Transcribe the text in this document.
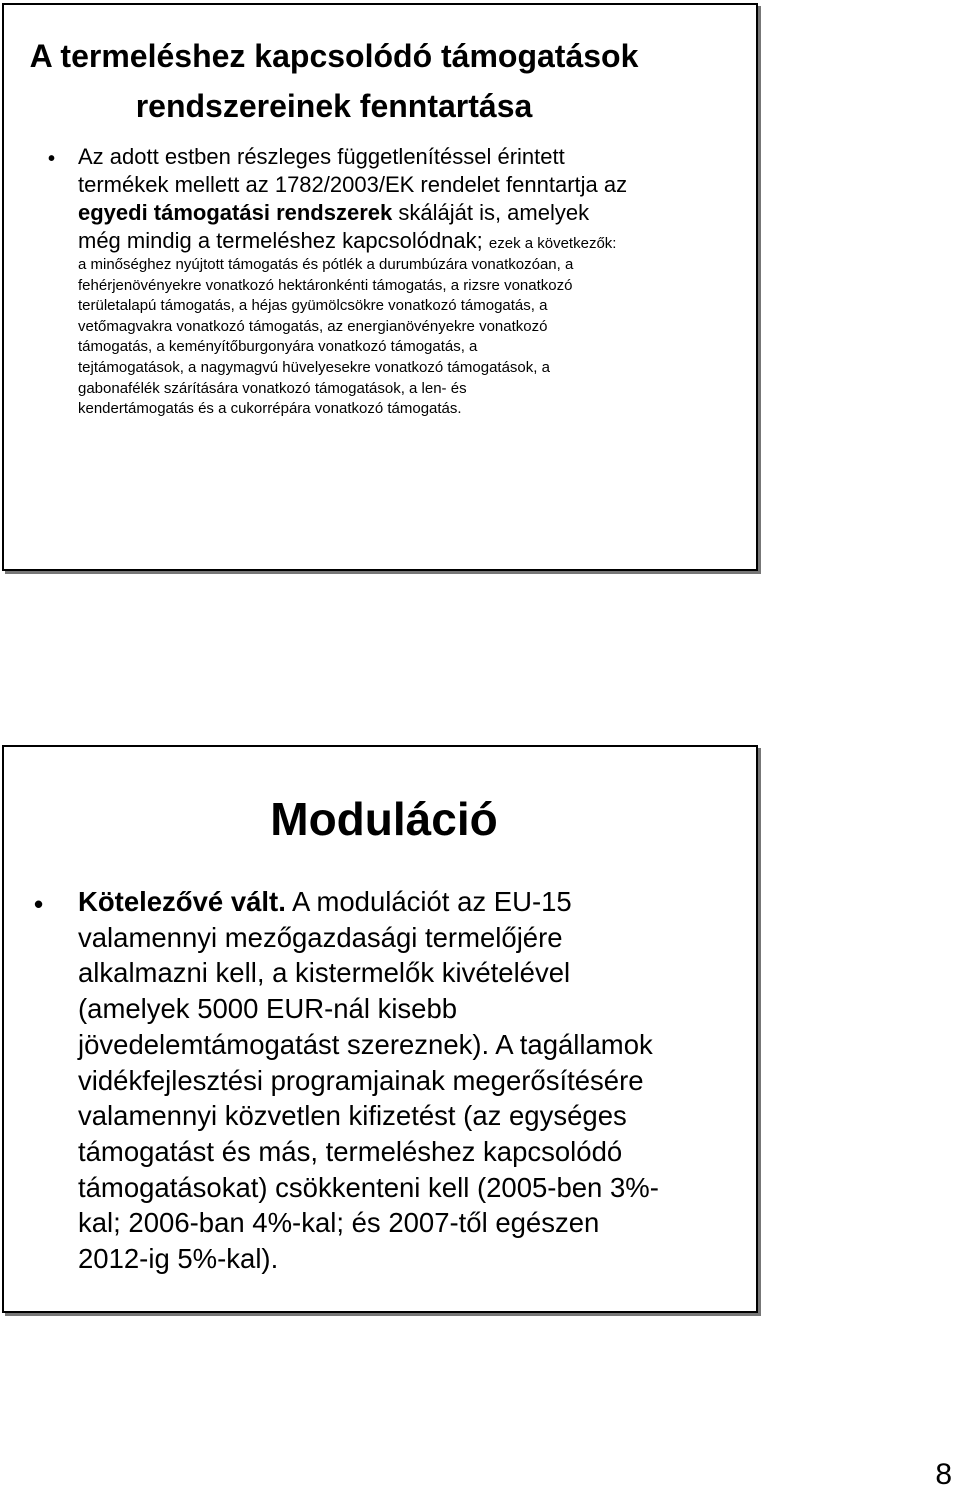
A termeléshez kapcsolódó támogatások
rendszereinek fenntartása
• Az adott estben részleges függetlenítéssel érintett
termékek mellett az 1782/2003/EK rendelet fenntartja az
egyedi támogatási rendszerek skáláját is, amelyek
még mindig a termeléshez kapcsolódnak; ezek a következők:
a minőséghez nyújtott támogatás és pótlék a durumbúzára vonatkozóan, a
fehérjenövényekre vonatkozó hektáronkénti támogatás, a rizsre vonatkozó
területalapú támogatás, a héjas gyümölcsökre vonatkozó támogatás, a
vetőmagvakra vonatkozó támogatás, az energianövényekre vonatkozó
támogatás, a keményítőburgonyára vonatkozó támogatás, a
tejtámogatások, a nagymagvú hüvelyesekre vonatkozó támogatások, a
gabonafélék szárítására vonatkozó támogatások, a len- és
kendertámogatás és a cukorrépára vonatkozó támogatás.
Moduláció
• Kötelezővé vált. A modulációt az EU-15
valamennyi mezőgazdasági termelőjére
alkalmazni kell, a kistermelők kivételével
(amelyek 5000 EUR-nál kisebb
jövedelemtámogatást szereznek). A tagállamok
vidékfejlesztési programjainak megerősítésére
valamennyi közvetlen kifizetést (az egységes
támogatást és más, termeléshez kapcsolódó
támogatásokat) csökkenteni kell (2005-ben 3%-
kal; 2006-ban 4%-kal; és 2007-től egészen
2012-ig 5%-kal).
8
